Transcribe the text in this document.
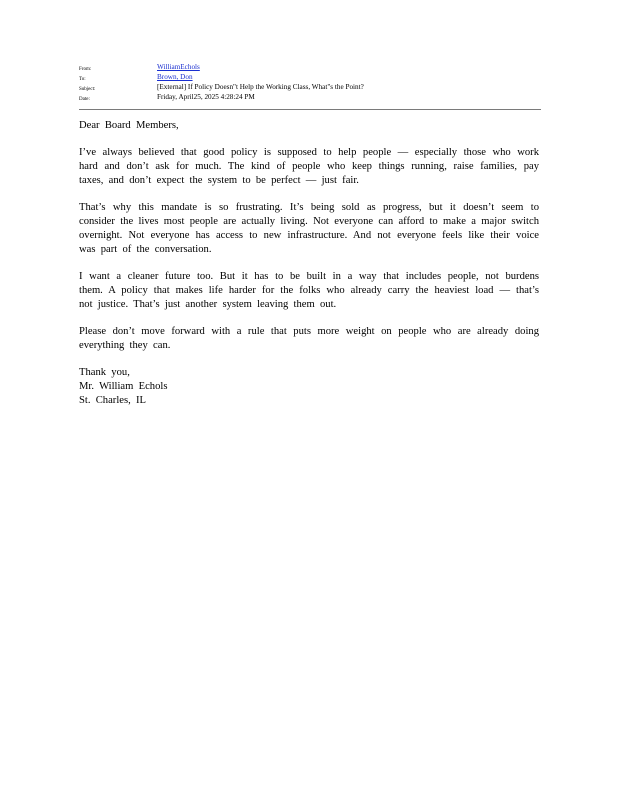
From:	WilliamEchols
To:	Brown, Don
Subject:	[External] If Policy Doesn"t Help the Working Class, What"s the Point?
Date:	Friday, April25, 2025 4:28:24 PM

Dear Board Members,

I’ve always believed that good policy is supposed to help people — especially those who work hard and don’t ask for much. The kind of people who keep things running, raise families, pay taxes, and don’t expect the system to be perfect — just fair.

That’s why this mandate is so frustrating. It’s being sold as progress, but it doesn’t seem to consider the lives most people are actually living. Not everyone can afford to make a major switch overnight. Not everyone has access to new infrastructure. And not everyone feels like their voice was part of the conversation.

I want a cleaner future too. But it has to be built in a way that includes people, not burdens them. A policy that makes life harder for the folks who already carry the heaviest load — that’s not justice. That’s just another system leaving them out.

Please don’t move forward with a rule that puts more weight on people who are already doing everything they can.

Thank you,
Mr. William Echols
St. Charles, IL
